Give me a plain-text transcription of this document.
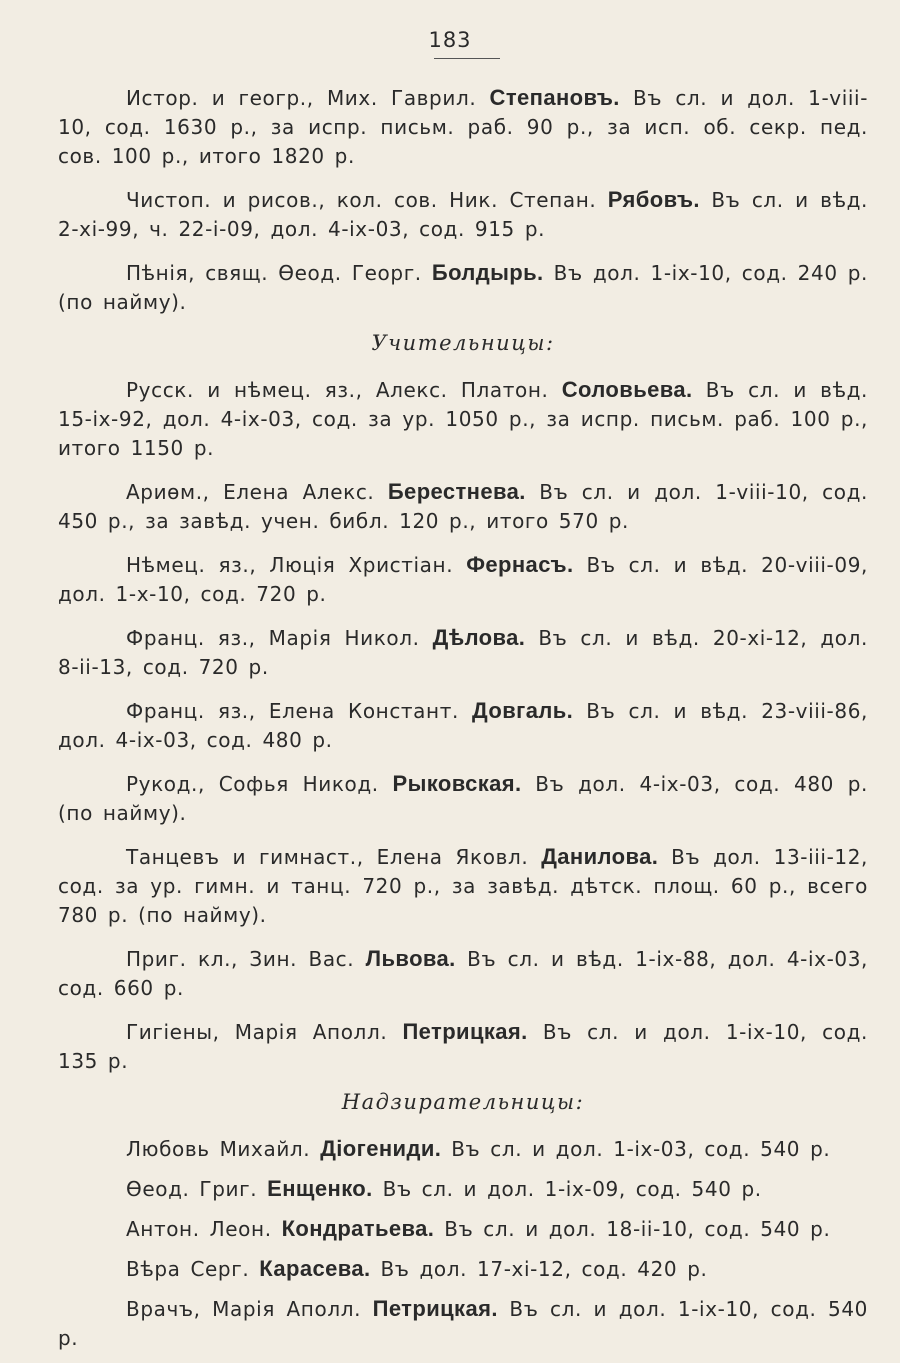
183

Истор. и геогр., Мих. Гаврил. Степановъ. Въ сл. и дол. 1-viii-10, сод. 1630 р., за испр. письм. раб. 90 р., за исп. об. секр. пед. сов. 100 р., итого 1820 р.

Чистоп. и рисов., кол. сов. Ник. Степан. Рябовъ. Въ сл. и вѣд. 2-xi-99, ч. 22-i-09, дол. 4-ix-03, сод. 915 р.

Пѣнія, свящ. Ѳеод. Георг. Болдырь. Въ дол. 1-ix-10, сод. 240 р. (по найму).

Учительницы:

Русск. и нѣмец. яз., Алекс. Платон. Соловьева. Въ сл. и вѣд. 15-ix-92, дол. 4-ix-03, сод. за ур. 1050 р., за испр. письм. раб. 100 р., итого 1150 р.

Ариѳм., Елена Алекс. Берестнева. Въ сл. и дол. 1-viii-10, сод. 450 р., за завѣд. учен. библ. 120 р., итого 570 р.

Нѣмец. яз., Люція Христіан. Фернасъ. Въ сл. и вѣд. 20-viii-09, дол. 1-x-10, сод. 720 р.

Франц. яз., Марія Никол. Дѣлова. Въ сл. и вѣд. 20-xi-12, дол. 8-ii-13, сод. 720 р.

Франц. яз., Елена Констант. Довгаль. Въ сл. и вѣд. 23-viii-86, дол. 4-ix-03, сод. 480 р.

Рукод., Софья Никод. Рыковская. Въ дол. 4-ix-03, сод. 480 р. (по найму).

Танцевъ и гимнаст., Елена Яковл. Данилова. Въ дол. 13-iii-12, сод. за ур. гимн. и танц. 720 р., за завѣд. дѣтск. площ. 60 р., всего 780 р. (по найму).

Приг. кл., Зин. Вас. Львова. Въ сл. и вѣд. 1-ix-88, дол. 4-ix-03, сод. 660 р.

Гигіены, Марія Аполл. Петрицкая. Въ сл. и дол. 1-ix-10, сод. 135 р.

Надзирательницы:

Любовь Михайл. Діогениди. Въ сл. и дол. 1-ix-03, сод. 540 р.

Ѳеод. Григ. Енщенко. Въ сл. и дол. 1-ix-09, сод. 540 р.

Антон. Леон. Кондратьева. Въ сл. и дол. 18-ii-10, сод. 540 р.

Вѣра Серг. Карасева. Въ дол. 17-xi-12, сод. 420 р.

Врачъ, Марія Аполл. Петрицкая. Въ сл. и дол. 1-ix-10, сод. 540 р.
